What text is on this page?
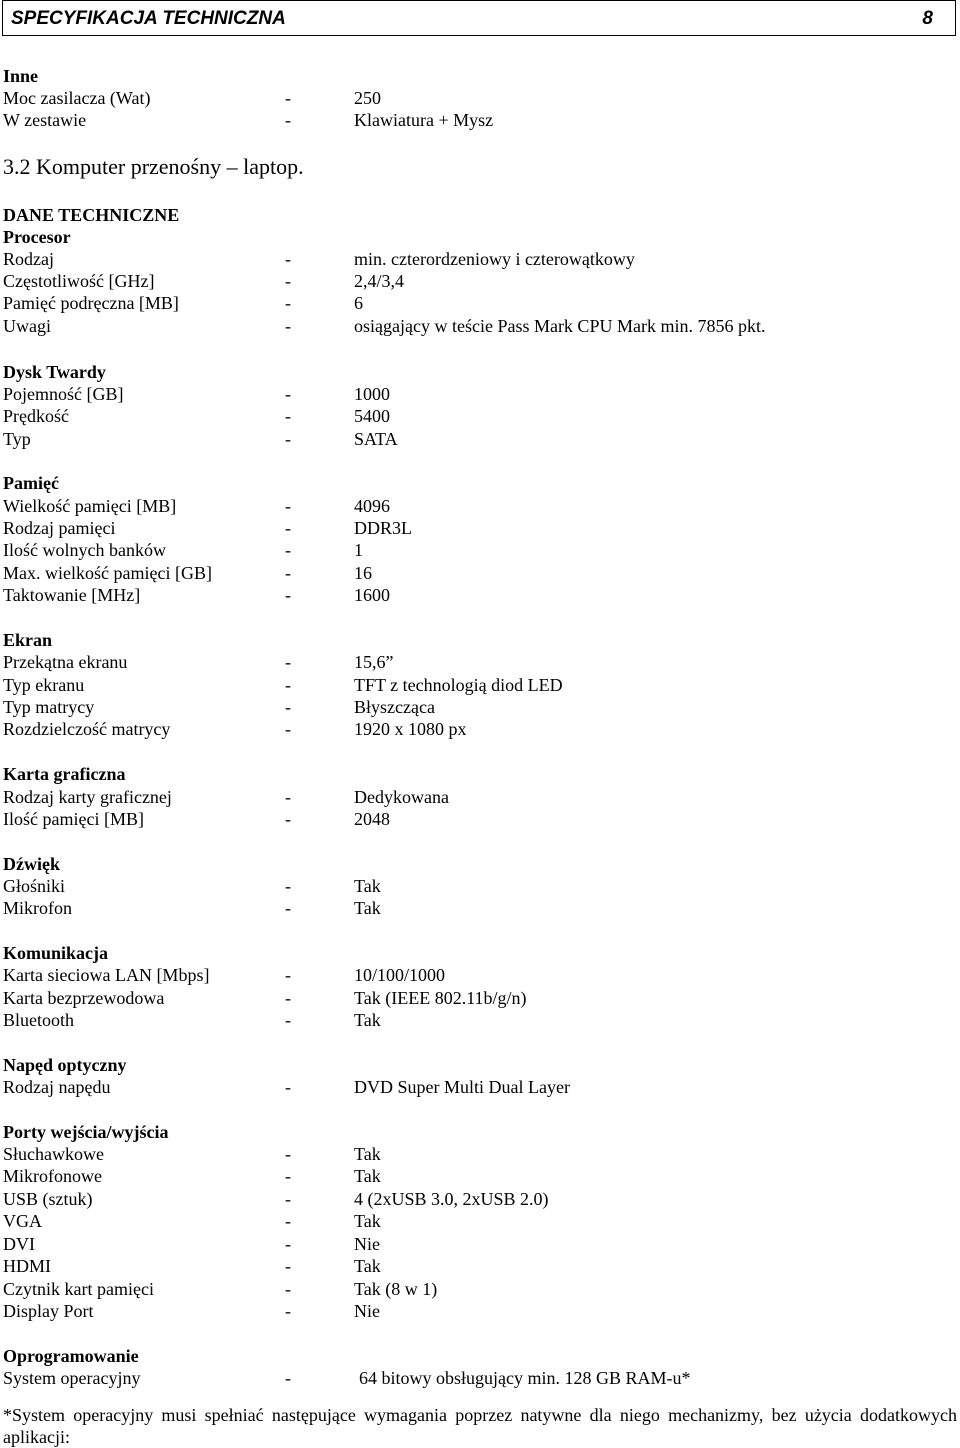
SPECYFIKACJA TECHNICZNA	8
Inne
Moc zasilacza (Wat)	-	250
W zestawie	-	Klawiatura + Mysz
3.2 Komputer przenośny – laptop.
DANE TECHNICZNE
Procesor
Rodzaj	-	min. czterordzeniowy i czterowątkowy
Częstotliwość [GHz]	-	2,4/3,4
Pamięć podręczna [MB]	-	6
Uwagi	-	osiągający w teście Pass Mark CPU Mark min. 7856 pkt.
Dysk Twardy
Pojemność [GB]	-	1000
Prędkość	-	5400
Typ	-	SATA
Pamięć
Wielkość pamięci [MB]	-	4096
Rodzaj pamięci	-	DDR3L
Ilość wolnych banków	-	1
Max. wielkość pamięci [GB]	-	16
Taktowanie [MHz]	-	1600
Ekran
Przekątna ekranu	-	15,6”
Typ ekranu	-	TFT z technologią diod LED
Typ matrycy	-	Błyszcząca
Rozdzielczość matrycy	-	1920 x 1080 px
Karta graficzna
Rodzaj karty graficznej	-	Dedykowana
Ilość pamięci [MB]	-	2048
Dźwięk
Głośniki	-	Tak
Mikrofon	-	Tak
Komunikacja
Karta sieciowa LAN [Mbps]	-	10/100/1000
Karta bezprzewodowa	-	Tak (IEEE 802.11b/g/n)
Bluetooth	-	Tak
Napęd optyczny
Rodzaj napędu	-	DVD Super Multi Dual Layer
Porty wejścia/wyjścia
Słuchawkowe	-	Tak
Mikrofonowe	-	Tak
USB (sztuk)	-	4 (2xUSB 3.0, 2xUSB 2.0)
VGA	-	Tak
DVI	-	Nie
HDMI	-	Tak
Czytnik kart pamięci	-	Tak (8 w 1)
Display Port	-	Nie
Oprogramowanie
System operacyjny	-	64 bitowy obsługujący min. 128 GB RAM-u*
*System operacyjny musi spełniać następujące wymagania poprzez natywne dla niego mechanizmy, bez użycia dodatkowych aplikacji:
